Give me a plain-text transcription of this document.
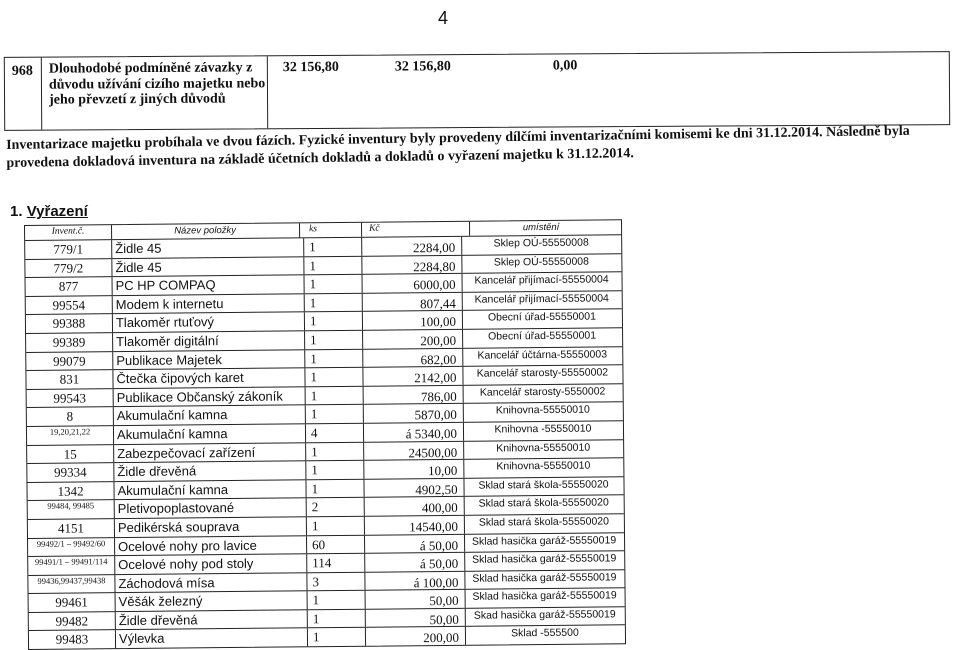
4
968 Dlouhodobé podmíněné závazky z důvodu užívání cizího majetku nebo jeho převzetí z jiných důvodů
32 156,80	32 156,80	0,00
Inventarizace majetku probíhala ve dvou fázích. Fyzické inventury byly provedeny dílčími inventarizačními komisemi ke dni 31.12.2014. Následně byla provedena dokladová inventura na základě účetních dokladů a dokladů o vyřazení majetku k 31.12.2014.
1. Vyřazení
Invent.č.	Název položky	ks	Kč	umístění
779/1	Židle 45	1	2284,00	Sklep OÚ-55550008
779/2	Židle 45	1	2284,80	Sklep OÚ-55550008
877	PC HP COMPAQ	1	6000,00	Kancelář přijímací-55550004
99554	Modem k internetu	1	807,44	Kancelář přijímací-55550004
99388	Tlakoměr rtuťový	1	100,00	Obecní úřad-55550001
99389	Tlakoměr digitální	1	200,00	Obecní úřad-55550001
99079	Publikace Majetek	1	682,00	Kancelář účtárna-55550003
831	Čtečka čipových karet	1	2142,00	Kancelář starosty-55550002
99543	Publikace Občanský zákoník	1	786,00	Kancelář starosty-5550002
8	Akumulační kamna	1	5870,00	Knihovna-55550010
19,20,21,22	Akumulační kamna	4	á 5340,00	Knihovna -55550010
15	Zabezpečovací zařízení	1	24500,00	Knihovna-55550010
99334	Židle dřevěná	1	10,00	Knihovna-55550010
1342	Akumulační kamna	1	4902,50	Sklad stará škola-55550020
99484, 99485	Pletivopoplastované	2	400,00	Sklad stará škola-55550020
4151	Pedikérská souprava	1	14540,00	Sklad stará škola-55550020
99492/1 – 99492/60 Ocelové nohy pro lavice	60	á 50,00	Sklad hasička garáž-55550019
99491/1 – 99491/114 Ocelové nohy pod stoly	114	á 50,00	Sklad hasička garáž-55550019
99436,99437,99438 Záchodová mísa	3	á 100,00	Sklad hasička garáž-55550019
99461	Věšák železný	1	50,00	Sklad hasička garáž-55550019
99482	Židle dřevěná	1	50,00	Skad hasička garáž-55550019
99483	Výlevka	1	200,00	Sklad -555500
